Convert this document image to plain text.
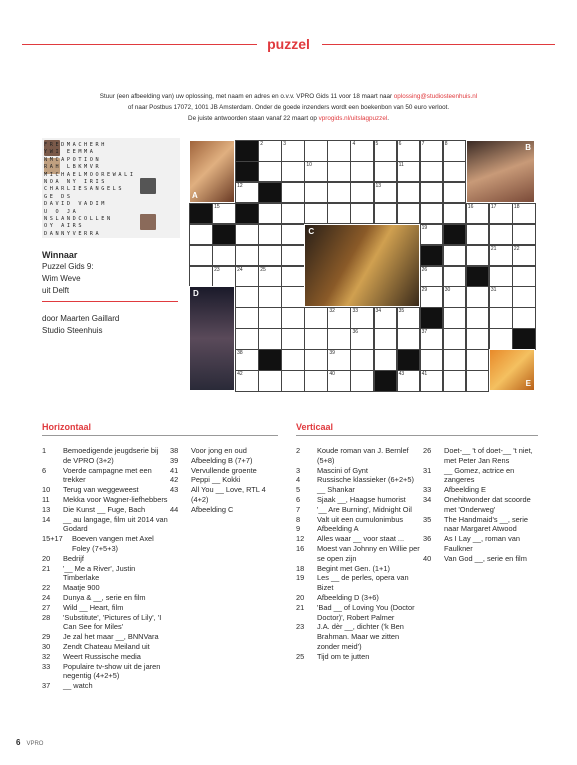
puzzel
Stuur (een afbeelding van) uw oplossing, met naam en adres en o.v.v. VPRO Gids 11 voor 18 maart naar oplossing@studiosteenhuis.nl
of naar Postbus 17072, 1001 JB Amsterdam. Onder de goede inzenders wordt een boekenbon van 50 euro verloot.
De juiste antwoorden staan vanaf 22 maart op vprogids.nl/uitslagpuzzel.
FREDMACHERH
YWI EEMMA
NMCAPOTION
RAH LBKMVR
MICHAELMOOREWALI
NOA NY IRIS
CHARLIESANGELS
GE DS
DAVID VADIM
U O JA
NSLANDCOLLEN
OY AIRS
DANNYVERRA
Winnaar
Puzzel Gids 9:
Wim Weve
uit Delft
door Maarten Gaillard
Studio Steenhuis
2	3	4	5	6	7	8
10	11
12	13
15	16	17	18
19
21	22
23	24	25	26
29	30	31
32	33	34	35
36	37
38	39
42	40	43	41
A
B
C
D
E
Horizontaal	Verticaal
1	Bemoedigende jeugdserie bij de VPRO (3+2)
6	Voerde campagne met een trekker
10	Terug van weggeweest
11	Mekka voor Wagner-liefhebbers
13	Die Kunst __ Fuge, Bach
14	__ au langage, film uit 2014 van Godard
15+17	Boeven vangen met Axel Foley (7+5+3)
20	Bedrijf
21	'__ Me a River', Justin Timberlake
22	Maatje 900
24	Dunya & __, serie en film
27	Wild __ Heart, film
28	'Substitute', 'Pictures of Lily', 'I Can See for Miles'
29	Je zal het maar __, BNNVara
30	Zendt Chateau Meiland uit
32	Weert Russische media
33	Populaire tv-show uit de jaren negentig (4+2+5)
37	__ watch
38	Voor jong en oud
39	Afbeelding B (7+7)
41	Vervullende groente
42	Peppi __ Kokki
43	All You __ Love, RTL 4 (4+2)
44	Afbeelding C
2	Koude roman van J. Bernlef (5+8)
3	Mascini of Gynt
4	Russische klassieker (6+2+5)
5	__ Shankar
6	Sjaak __, Haagse humorist
7	'__ Are Burning', Midnight Oil
8	Valt uit een cumulonimbus
9	Afbeelding A
12	Alles waar __ voor staat ...
16	Moest van Johnny en Willie per se open zijn
18	Begint met Gen. (1+1)
19	Les __ de perles, opera van Bizet
20	Afbeelding D (3+6)
21	'Bad __ of Loving You (Doctor Doctor)', Robert Palmer
23	J.A. dèr __, dichter ('k Ben Brahman. Maar we zitten zonder meid')
25	Tijd om te jutten
26	Doet-__ 't of doet-__ 't niet, met Peter Jan Rens
31	__ Gomez, actrice en zangeres
33	Afbeelding E
34	Onehitwonder dat scoorde met 'Onderweg'
35	The Handmaid's __, serie naar Margaret Atwood
36	As I Lay __, roman van Faulkner
40	Van God __, serie en film
6 VPRO
